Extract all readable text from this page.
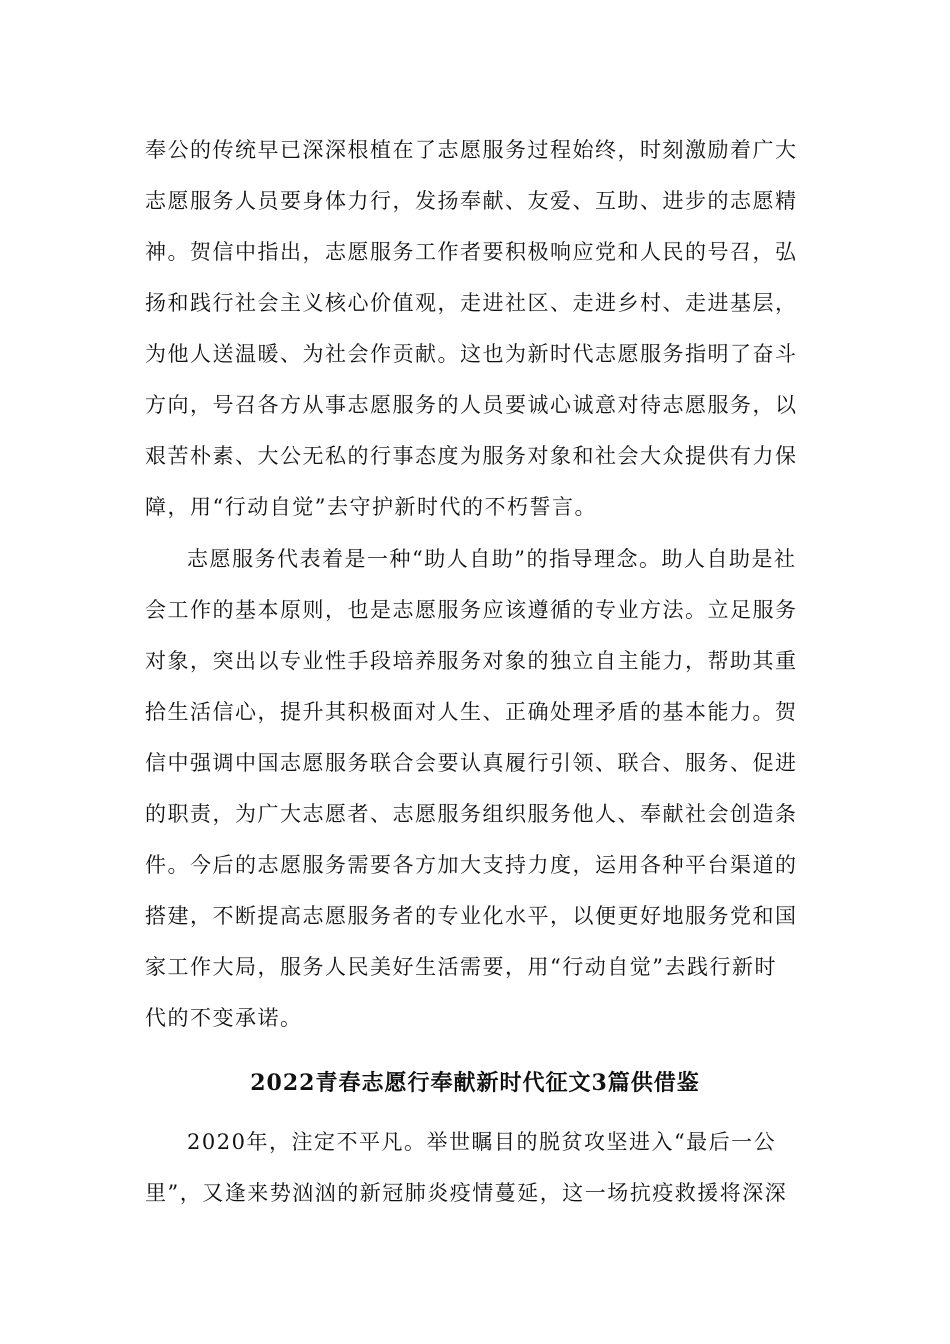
奉公的传统早已深深根植在了志愿服务过程始终，时刻激励着广大
志愿服务人员要身体力行，发扬奉献、友爱、互助、进步的志愿精
神。贺信中指出，志愿服务工作者要积极响应党和人民的号召，弘
扬和践行社会主义核心价值观，走进社区、走进乡村、走进基层，
为他人送温暖、为社会作贡献。这也为新时代志愿服务指明了奋斗
方向，号召各方从事志愿服务的人员要诚心诚意对待志愿服务，以
艰苦朴素、大公无私的行事态度为服务对象和社会大众提供有力保
障，用“行动自觉”去守护新时代的不朽誓言。
志愿服务代表着是一种“助人自助”的指导理念。助人自助是社
会工作的基本原则，也是志愿服务应该遵循的专业方法。立足服务
对象，突出以专业性手段培养服务对象的独立自主能力，帮助其重
拾生活信心，提升其积极面对人生、正确处理矛盾的基本能力。贺
信中强调中国志愿服务联合会要认真履行引领、联合、服务、促进
的职责，为广大志愿者、志愿服务组织服务他人、奉献社会创造条
件。今后的志愿服务需要各方加大支持力度，运用各种平台渠道的
搭建，不断提高志愿服务者的专业化水平，以便更好地服务党和国
家工作大局，服务人民美好生活需要，用“行动自觉”去践行新时
代的不变承诺。
2022青春志愿行奉献新时代征文3篇供借鉴
2020年，注定不平凡。举世瞩目的脱贫攻坚进入“最后一公
里”，又逢来势汹汹的新冠肺炎疫情蔓延，这一场抗疫救援将深深
